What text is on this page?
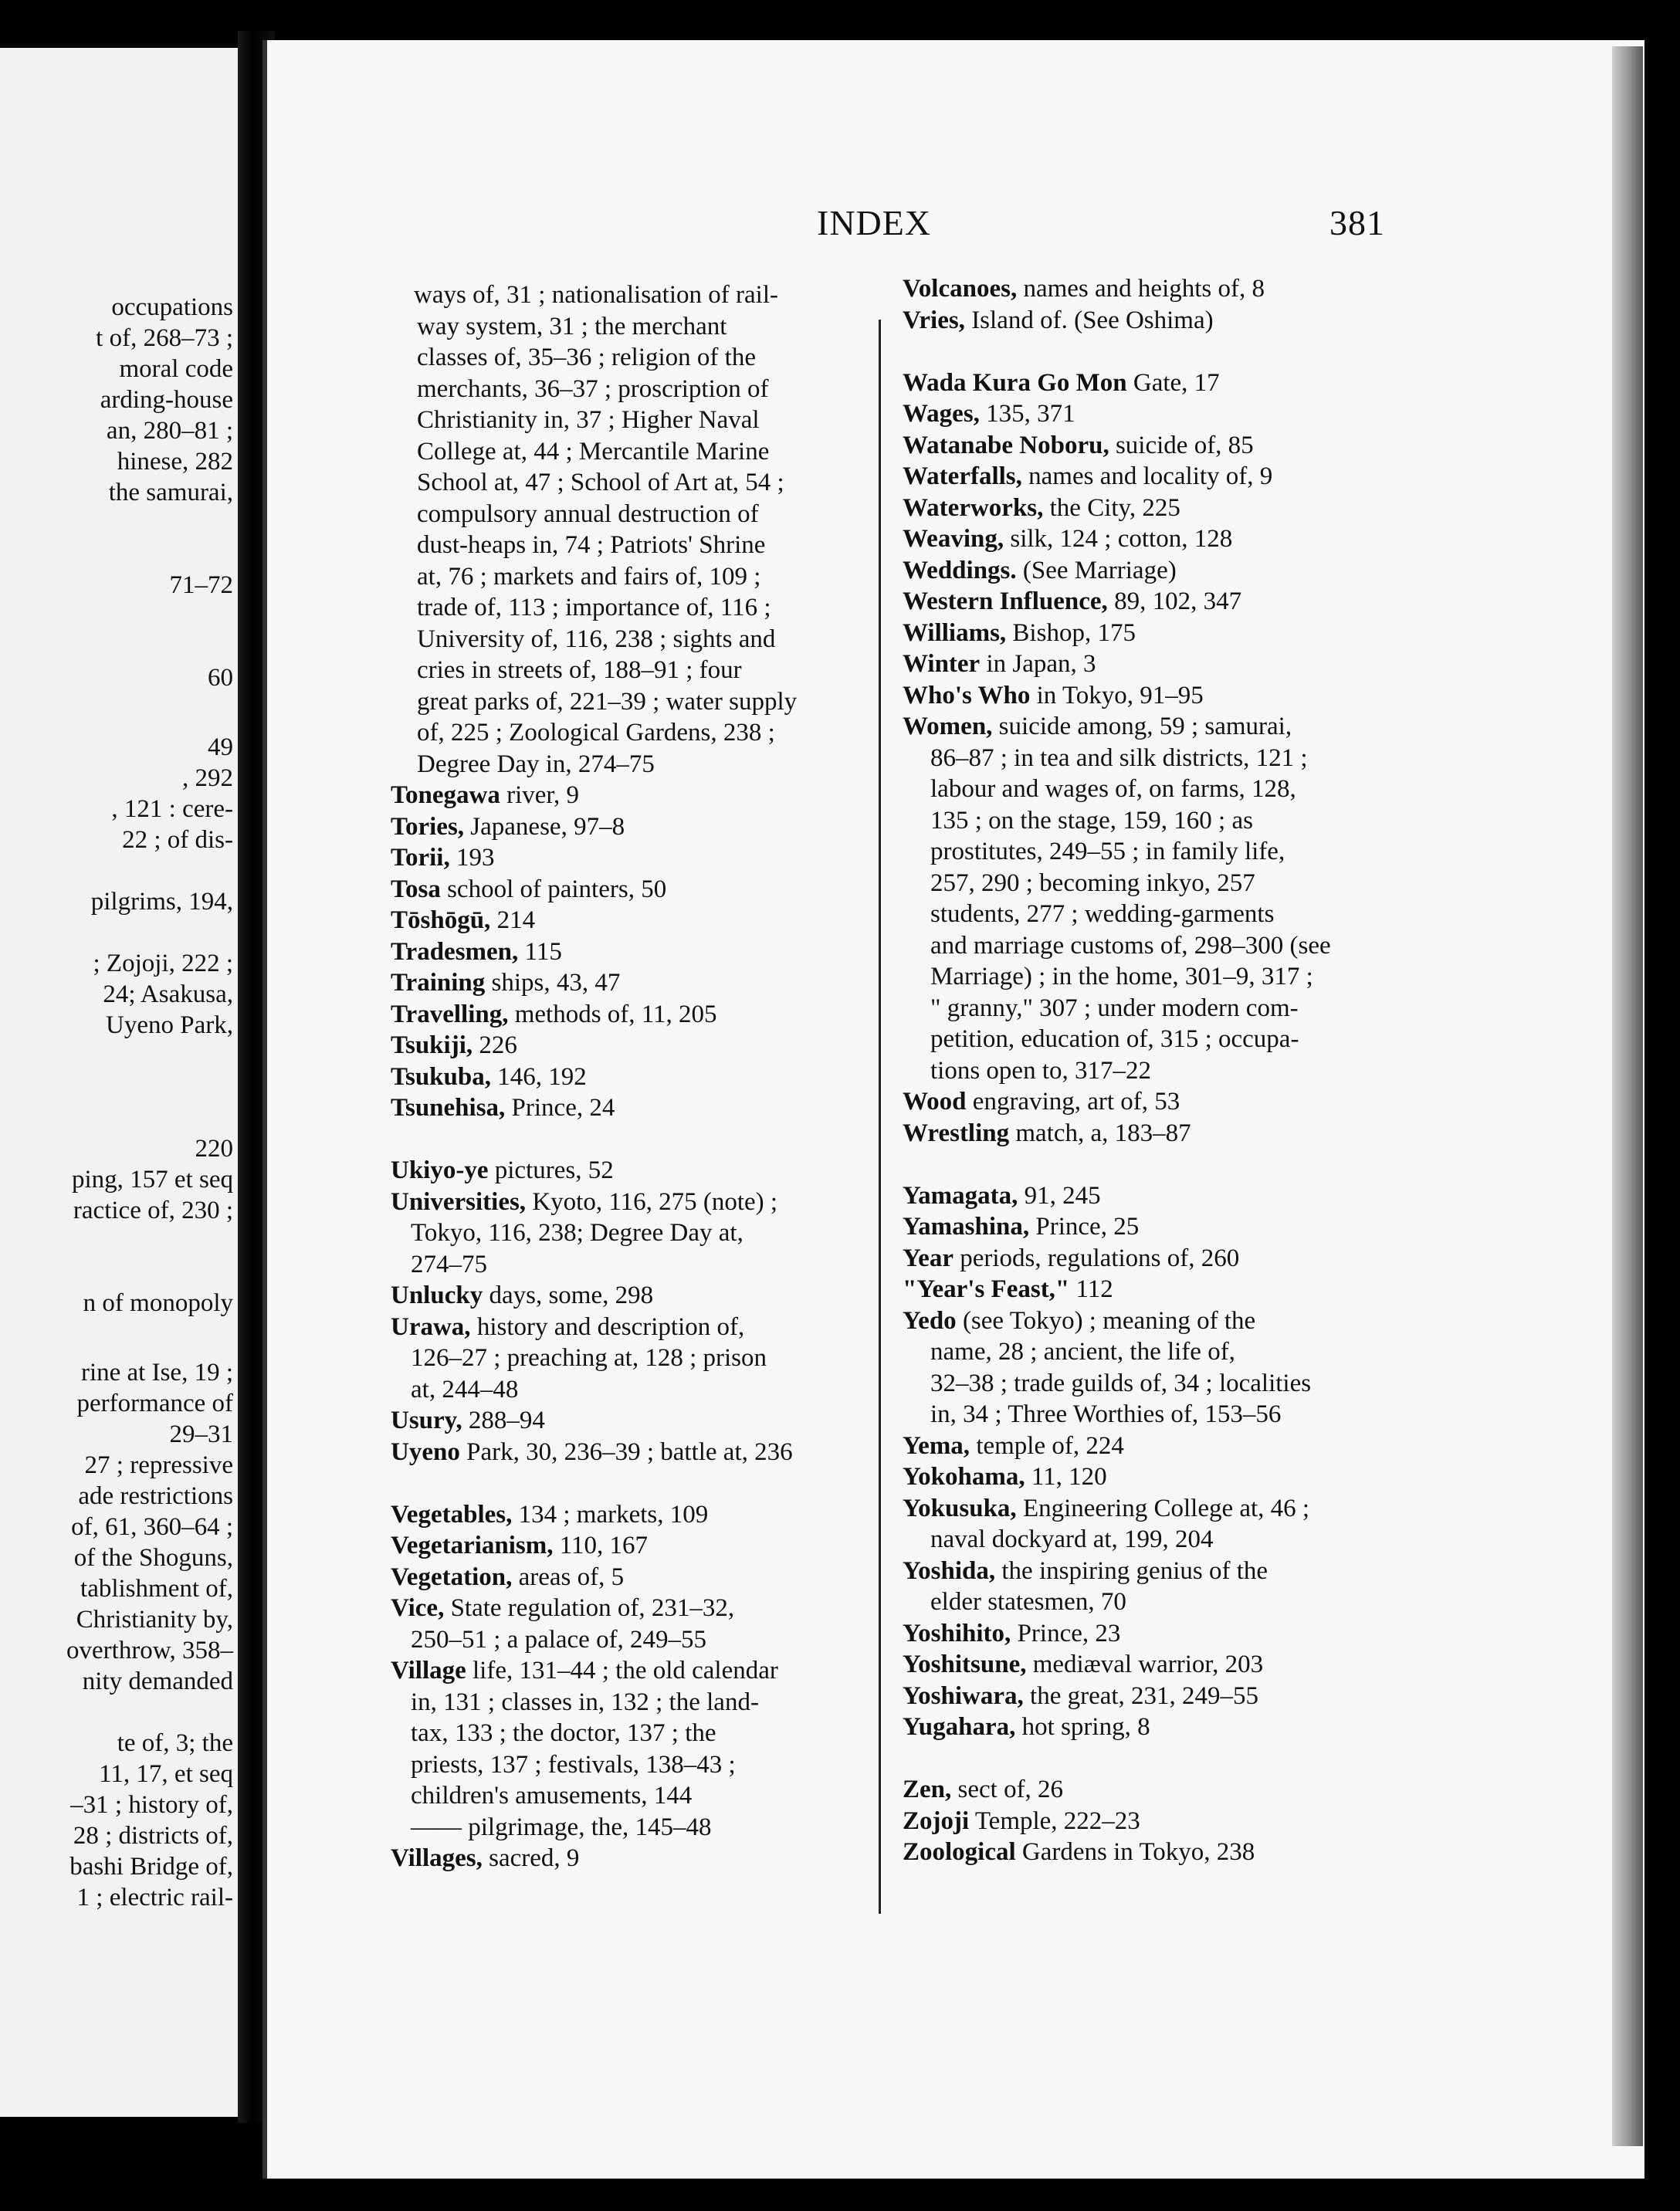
occupations
t of, 268–73 ;
moral code
arding-house
an, 280–81 ;
hinese, 282
the samurai,
71–72
60
49
, 292
, 121 : cere-
22 ; of dis-
pilgrims, 194,
; Zojoji, 222 ;
24; Asakusa,
Uyeno Park,
220
ping, 157 et seq
ractice of, 230 ;
n of monopoly
rine at Ise, 19 ;
performance of
29–31
27 ; repressive
ade restrictions
of, 61, 360–64 ;
of the Shoguns,
tablishment of,
Christianity by,
overthrow, 358–
nity demanded
te of, 3; the
11, 17, et seq
–31 ; history of,
28 ; districts of,
bashi Bridge of,
1 ; electric rail-
INDEX	381
ways of, 31 ; nationalisation of rail-
way system, 31 ; the merchant
classes of, 35–36 ; religion of the
merchants, 36–37 ; proscription of
Christianity in, 37 ; Higher Naval
College at, 44 ; Mercantile Marine
School at, 47 ; School of Art at, 54 ;
compulsory annual destruction of
dust-heaps in, 74 ; Patriots' Shrine
at, 76 ; markets and fairs of, 109 ;
trade of, 113 ; importance of, 116 ;
University of, 116, 238 ; sights and
cries in streets of, 188–91 ; four
great parks of, 221–39 ; water supply
of, 225 ; Zoological Gardens, 238 ;
Degree Day in, 274–75
Tonegawa river, 9
Tories, Japanese, 97–8
Torii, 193
Tosa school of painters, 50
Tōshōgū, 214
Tradesmen, 115
Training ships, 43, 47
Travelling, methods of, 11, 205
Tsukiji, 226
Tsukuba, 146, 192
Tsunehisa, Prince, 24
Ukiyo-ye pictures, 52
Universities, Kyoto, 116, 275 (note) ;
Tokyo, 116, 238; Degree Day at,
274–75
Unlucky days, some, 298
Urawa, history and description of,
126–27 ; preaching at, 128 ; prison
at, 244–48
Usury, 288–94
Uyeno Park, 30, 236–39 ; battle at, 236
Vegetables, 134 ; markets, 109
Vegetarianism, 110, 167
Vegetation, areas of, 5
Vice, State regulation of, 231–32,
250–51 ; a palace of, 249–55
Village life, 131–44 ; the old calendar
in, 131 ; classes in, 132 ; the land-
tax, 133 ; the doctor, 137 ; the
priests, 137 ; festivals, 138–43 ;
children's amusements, 144
—— pilgrimage, the, 145–48
Villages, sacred, 9
Volcanoes, names and heights of, 8
Vries, Island of. (See Oshima)
Wada Kura Go Mon Gate, 17
Wages, 135, 371
Watanabe Noboru, suicide of, 85
Waterfalls, names and locality of, 9
Waterworks, the City, 225
Weaving, silk, 124 ; cotton, 128
Weddings. (See Marriage)
Western Influence, 89, 102, 347
Williams, Bishop, 175
Winter in Japan, 3
Who's Who in Tokyo, 91–95
Women, suicide among, 59 ; samurai,
86–87 ; in tea and silk districts, 121 ;
labour and wages of, on farms, 128,
135 ; on the stage, 159, 160 ; as
prostitutes, 249–55 ; in family life,
257, 290 ; becoming inkyo, 257
students, 277 ; wedding-garments
and marriage customs of, 298–300 (see
Marriage) ; in the home, 301–9, 317 ;
" granny," 307 ; under modern com-
petition, education of, 315 ; occupa-
tions open to, 317–22
Wood engraving, art of, 53
Wrestling match, a, 183–87
Yamagata, 91, 245
Yamashina, Prince, 25
Year periods, regulations of, 260
"Year's Feast," 112
Yedo (see Tokyo) ; meaning of the
name, 28 ; ancient, the life of,
32–38 ; trade guilds of, 34 ; localities
in, 34 ; Three Worthies of, 153–56
Yema, temple of, 224
Yokohama, 11, 120
Yokusuka, Engineering College at, 46 ;
naval dockyard at, 199, 204
Yoshida, the inspiring genius of the
elder statesmen, 70
Yoshihito, Prince, 23
Yoshitsune, mediæval warrior, 203
Yoshiwara, the great, 231, 249–55
Yugahara, hot spring, 8
Zen, sect of, 26
Zojoji Temple, 222–23
Zoological Gardens in Tokyo, 238
